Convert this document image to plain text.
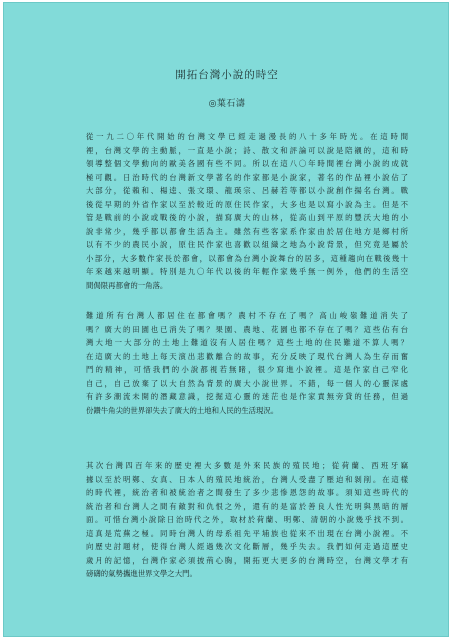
開拓台灣小說的時空
◎葉石濤

從一九二〇年代開始的台灣文學已經走過漫長的八十多年時光。在這時間
裡，台灣文學的主動脈，一直是小說；詩、散文和評論可以說是陪襯的，這和時
領導整個文學動向的歐美各國有些不同。所以在這八〇年時間裡台灣小說的成就
極可觀。日治時代的台灣新文學著名的作家都是小說家，著名的作品裡小說佔了
大部分，從賴和、楊逵、張文環、龍瑛宗、呂赫若等都以小說創作揚名台灣。戰
後從早期的外省作家以至於較近的原住民作家，大多也是以寫小說為主。但是不
管是戰前的小說或戰後的小說，描寫廣大的山林，從高山到平原的豐沃大地的小
說非常少，幾乎都以都會生活為主。雖然有些客家系作家由於居住地方是鄉村所
以有不少的農民小說，原住民作家也喜歡以組織之地為小說背景，但究竟是屬於
小部分，大多數作家長於都會，以都會為台灣小說舞台的居多，這種趨向在戰後幾十
年來越來越明顯。特別是九〇年代以後的年輕作家幾乎無一例外，他們的生活空
間侷限再都會的一角落。

難道所有台灣人都居住在都會嗎？農村不存在了嗎？高山峻嶺難道消失了
嗎？廣大的田園也已消失了嗎？果園、農地、花園也都不存在了嗎？這些佔有台
灣大地一大部分的土地上難道沒有人居住嗎？這些土地的住民難道不算人嗎？
在這廣大的土地上每天演出悲歡離合的故事，充分反映了現代台灣人為生存而奮
鬥的精神，可惜我們的小說都視若無睹，很少寫進小說裡。這是作家自己窄化
自己，自己放棄了以大自然為背景的廣大小說世界。不錯，每一個人的心靈深處
有許多潮流未開的潛藏意識，挖掘這心靈的迷茫也是作家責無旁貸的任務，但過
份鑽牛角尖的世界卻失去了廣大的土地和人民的生活現況。

其次台灣四百年來的歷史裡大多數是外來民族的殖民地；從荷蘭、西班牙竊
據以至於明鄭、女真、日本人的殖民地統治，台灣人受盡了壓迫和剝削。在這樣
的時代裡，統治者和被統治者之間發生了多少悲慘恩怨的故事。須知這些時代的
統治者和台灣人之間有敵對和仇恨之外，還有的是富於善良人性光明與黑暗的層
面。可惜台灣小說除日治時代之外，取材於荷蘭、明鄭、清朝的小說幾乎找不到。
這真是荒蕪之極。同時台灣人的母系祖先平埔族也從來不出現在台灣小說裡。不
向歷史討題材，使得台灣人經過幾次文化斷層，幾乎失去。我們如何走過這歷史
歲月的記憶，台灣作家必須披荊心胸，開拓更大更多的台灣時空，台灣文學才有
磅礴的氣勢攜進世界文學之大門。
